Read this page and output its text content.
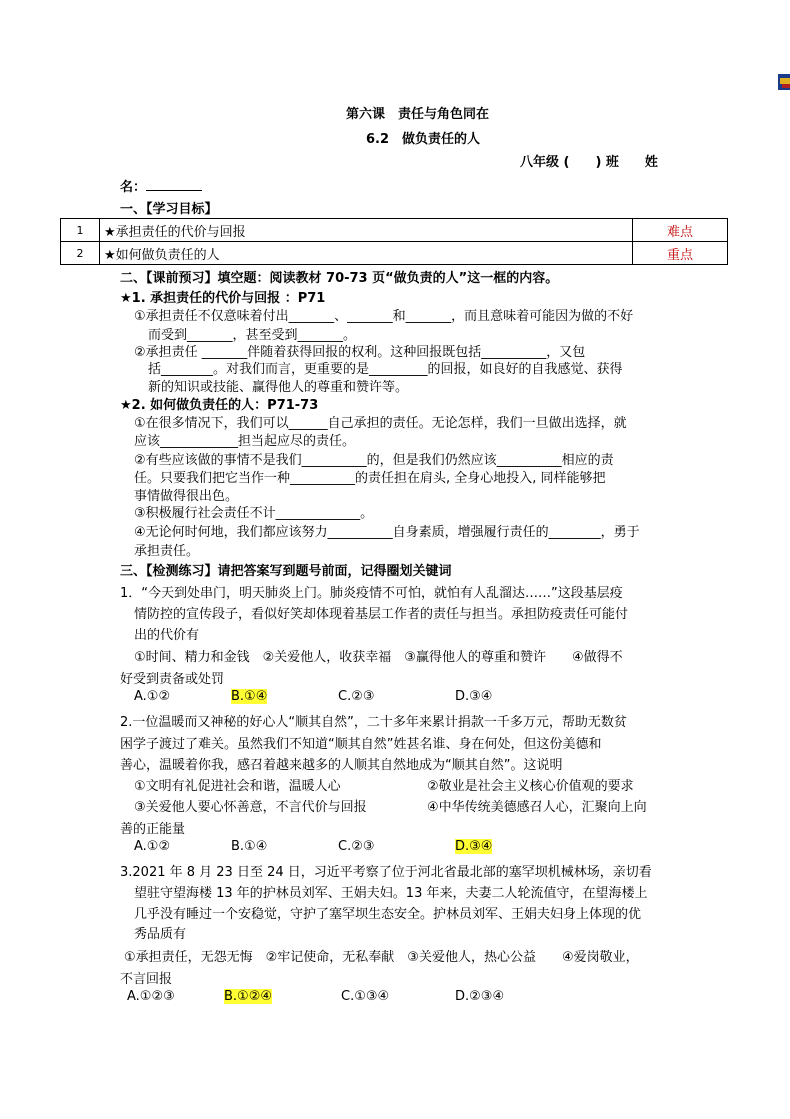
第六课　责任与角色同在
6.2　做负责任的人
八年级 (　　) 班　　姓
名：
一、【学习目标】
1	★承担责任的代价与回报	难点
2	★如何做负责任的人	重点
二、【课前预习】填空题：阅读教材 70-73 页“做负责的人”这一框的内容。
★1. 承担责任的代价与回报 ：P71
①承担责任不仅意味着付出_______、_______和_______，而且意味着可能因为做的不好
而受到_______，甚至受到_______。
②承担责任 _______伴随着获得回报的权利。这种回报既包括__________，又包
括________。对我们而言，更重要的是_________的回报，如良好的自我感觉、获得
新的知识或技能、赢得他人的尊重和赞许等。
★2. 如何做负责任的人：P71-73
①在很多情况下，我们可以______自己承担的责任。无论怎样，我们一旦做出选择，就
应该____________担当起应尽的责任。
②有些应该做的事情不是我们__________的，但是我们仍然应该__________相应的责
任。只要我们把它当作一种__________的责任担在肩头, 全身心地投入, 同样能够把
事情做得很出色。
③积极履行社会责任不计_____________。
④无论何时何地，我们都应该努力__________自身素质，增强履行责任的________，勇于
承担责任。
三、【检测练习】请把答案写到题号前面，记得圈划关键词
1．“今天到处串门，明天肺炎上门。肺炎疫情不可怕，就怕有人乱溜达……”这段基层疫
情防控的宣传段子，看似好笑却体现着基层工作者的责任与担当。承担防疫责任可能付
出的代价有
①时间、精力和金钱　②关爱他人，收获幸福　③赢得他人的尊重和赞许　　④做得不
好受到责备或处罚
A.①②	B.①④	C.②③	D.③④
2.一位温暖而又神秘的好心人“顺其自然”，二十多年来累计捐款一千多万元，帮助无数贫
困学子渡过了难关。虽然我们不知道“顺其自然”姓甚名谁、身在何处，但这份美德和
善心，温暖着你我，感召着越来越多的人顺其自然地成为“顺其自然”。这说明
①文明有礼促进社会和谐，温暖人心	②敬业是社会主义核心价值观的要求
③关爱他人要心怀善意，不言代价与回报	④中华传统美德感召人心，汇聚向上向
善的正能量
A.①②	B.①④	C.②③	D.③④
3.2021 年 8 月 23 日至 24 日，习近平考察了位于河北省最北部的塞罕坝机械林场，亲切看
望驻守望海楼 13 年的护林员刘军、王娟夫妇。13 年来，夫妻二人轮流值守，在望海楼上
几乎没有睡过一个安稳觉，守护了塞罕坝生态安全。护林员刘军、王娟夫妇身上体现的优
秀品质有
①承担责任，无怨无悔　②牢记使命，无私奉献　③关爱他人，热心公益　　④爱岗敬业，
不言回报
A.①②③	B.①②④	C.①③④	D.②③④
